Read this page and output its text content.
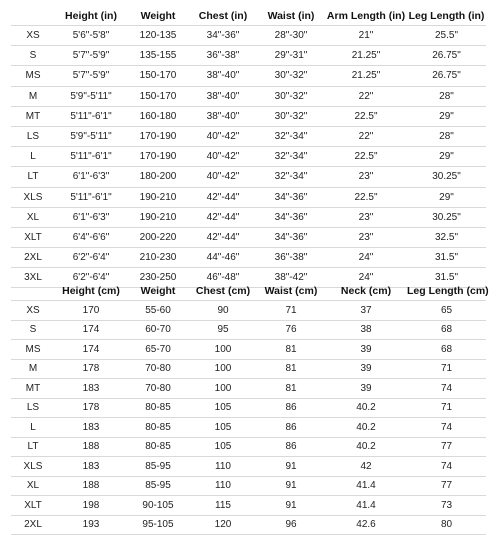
	Height (in)	Weight	Chest (in)	Waist (in)	Arm Length (in)	Leg Length (in)
XS	5'6"-5'8"	120-135	34"-36"	28"-30"	21"	25.5"
S	5'7"-5'9"	135-155	36"-38"	29"-31"	21.25"	26.75"
MS	5'7"-5'9"	150-170	38"-40"	30"-32"	21.25"	26.75"
M	5'9"-5'11"	150-170	38"-40"	30"-32"	22"	28"
MT	5'11"-6'1"	160-180	38"-40"	30"-32"	22.5"	29"
LS	5'9"-5'11"	170-190	40"-42"	32"-34"	22"	28"
L	5'11"-6'1"	170-190	40"-42"	32"-34"	22.5"	29"
LT	6'1"-6'3"	180-200	40"-42"	32"-34"	23"	30.25"
XLS	5'11"-6'1"	190-210	42"-44"	34"-36"	22.5"	29"
XL	6'1"-6'3"	190-210	42"-44"	34"-36"	23"	30.25"
XLT	6'4"-6'6"	200-220	42"-44"	34"-36"	23"	32.5"
2XL	6'2"-6'4"	210-230	44"-46"	36"-38"	24"	31.5"
3XL	6'2"-6'4"	230-250	46"-48"	38"-42"	24"	31.5"
	Height (cm)	Weight	Chest (cm)	Waist (cm)	Neck (cm)	Leg Length (cm)
XS	170	55-60	90	71	37	65
S	174	60-70	95	76	38	68
MS	174	65-70	100	81	39	68
M	178	70-80	100	81	39	71
MT	183	70-80	100	81	39	74
LS	178	80-85	105	86	40.2	71
L	183	80-85	105	86	40.2	74
LT	188	80-85	105	86	40.2	77
XLS	183	85-95	110	91	42	74
XL	188	85-95	110	91	41.4	77
XLT	198	90-105	115	91	41.4	73
2XL	193	95-105	120	96	42.6	80
